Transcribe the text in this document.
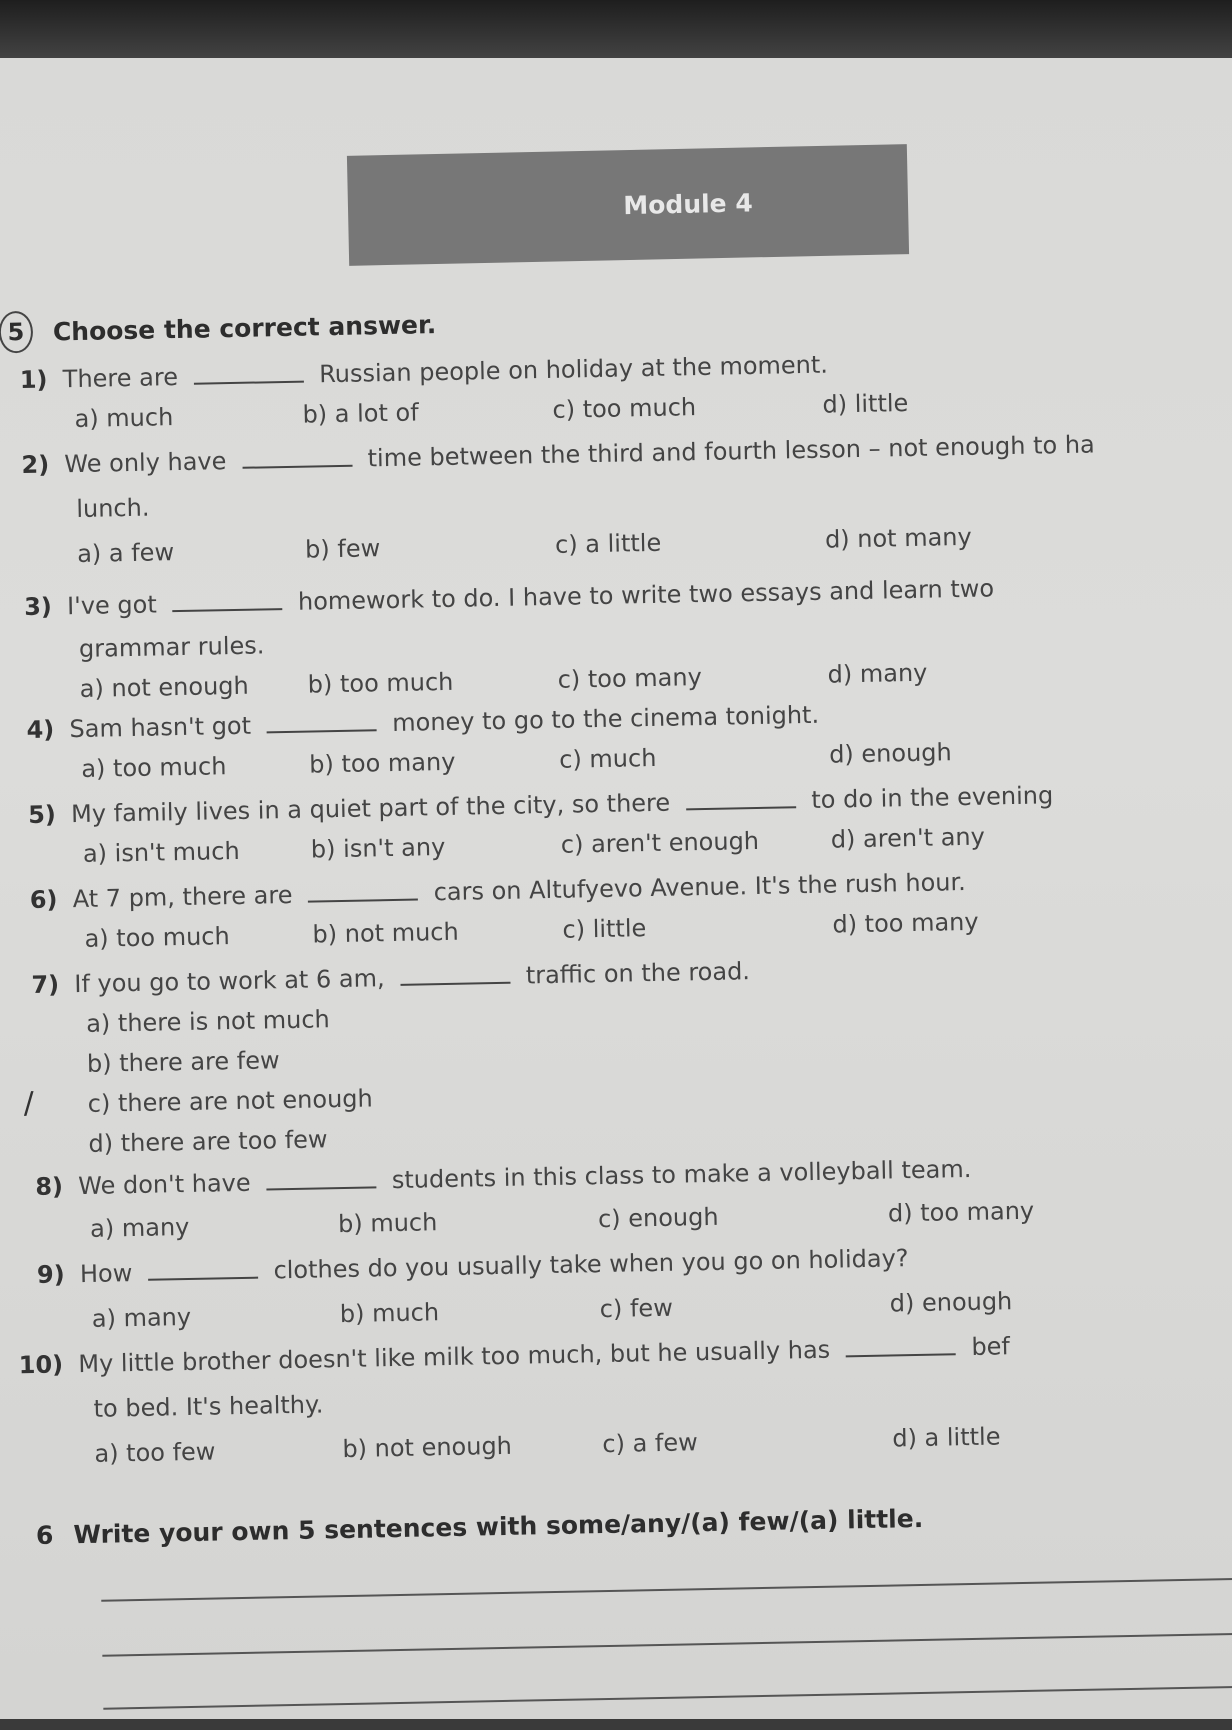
Module 4
5	Choose the correct answer.
1) There are	Russian people on holiday at the moment.
a) much	b) a lot of	c) too much	d) little
2) We only have	time between the third and fourth lesson – not enough to ha
lunch.
a) a few	b) few	c) a little	d) not many
3) I've got	homework to do. I have to write two essays and learn two
grammar rules.
a) not enough b) too much	c) too many	d) many
4) Sam hasn't got	money to go to the cinema tonight.
a) too much	b) too many	c) much	d) enough
5) My family lives in a quiet part of the city, so there	to do in the evening
a) isn't much	b) isn't any	c) aren't enough	d) aren't any
6) At 7 pm, there are	cars on Altufyevo Avenue. It's the rush hour.
a) too much	b) not much	c) little	d) too many
7) If you go to work at 6 am,	traffic on the road.
a) there is not much
b) there are few
/ c) there are not enough
d) there are too few
8) We don't have	students in this class to make a volleyball team.
a) many	b) much	c) enough	d) too many
9) How	clothes do you usually take when you go on holiday?
a) many	b) much	c) few	d) enough
10) My little brother doesn't like milk too much, but he usually has	bef
to bed. It's healthy.
a) too few	b) not enough	c) a few	d) a little
6 Write your own 5 sentences with some/any/(a) few/(a) little.
